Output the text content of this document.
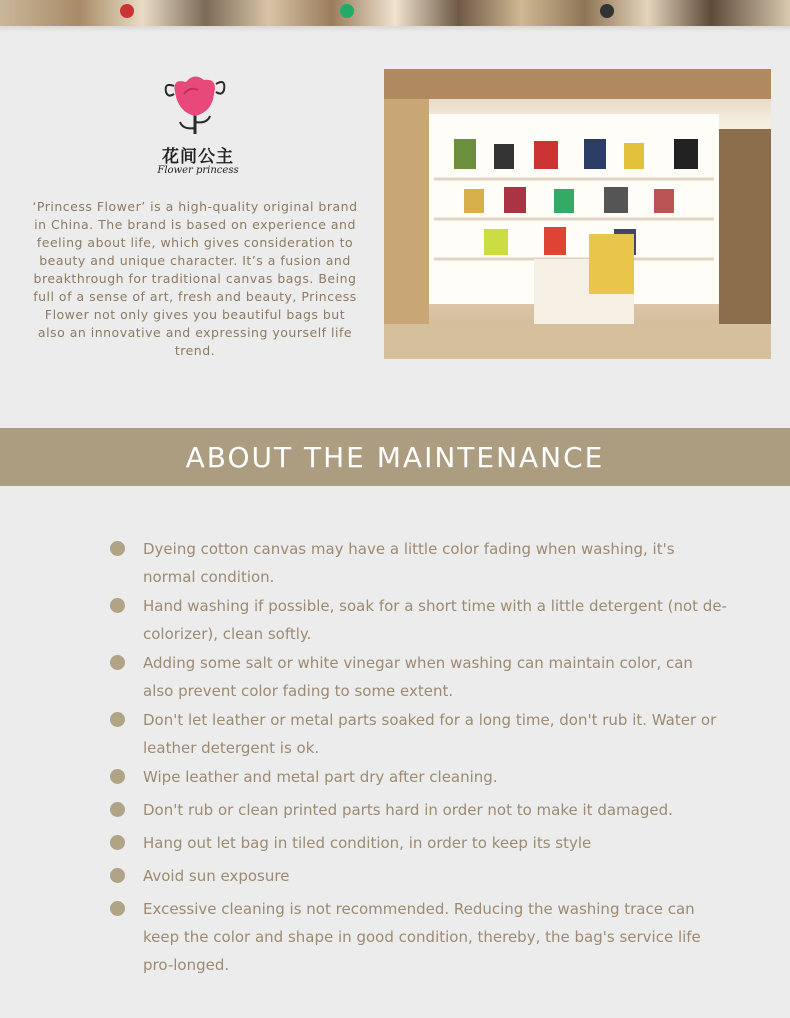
花间公主
Flower princess
‘Princess Flower’ is a high-quality original brand in China. The brand is based on experience and feeling about life, which gives consideration to beauty and unique character. It’s a fusion and breakthrough for traditional canvas bags. Being full of a sense of art, fresh and beauty, Princess Flower not only gives you beautiful bags but also an innovative and expressing yourself life trend.
ABOUT THE MAINTENANCE
Dyeing cotton canvas may have a little color fading when washing, it's normal condition.
Hand washing if possible, soak for a short time with a little detergent (not de-colorizer), clean softly.
Adding some salt or white vinegar when washing can maintain color, can also prevent color fading to some extent.
Don't let leather or metal parts soaked for a long time, don't rub it. Water or leather detergent is ok.
Wipe leather and metal part dry after cleaning.
Don't rub or clean printed parts hard in order not to make it damaged.
Hang out let bag in tiled condition, in order to keep its style
Avoid sun exposure
Excessive cleaning is not recommended. Reducing the washing trace can keep the color and shape in good condition, thereby, the bag's service life pro-longed.
